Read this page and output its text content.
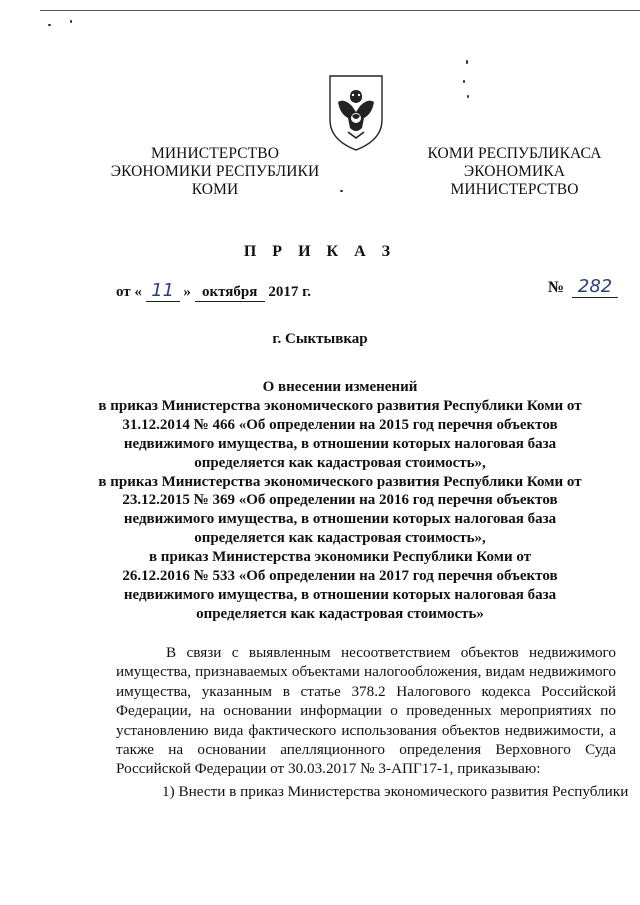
МИНИСТЕРСТВО
ЭКОНОМИКИ РЕСПУБЛИКИ
КОМИ
КОМИ РЕСПУБЛИКАСА
ЭКОНОМИКА
МИНИСТЕРСТВО
П Р И К А З
от « 11 » октября 2017 г.	№ 282
г. Сыктывкар
О внесении изменений
в приказ Министерства экономического развития Республики Коми от
31.12.2014 № 466 «Об определении на 2015 год перечня объектов
недвижимого имущества, в отношении которых налоговая база
определяется как кадастровая стоимость»,
в приказ Министерства экономического развития Республики Коми от
23.12.2015 № 369 «Об определении на 2016 год перечня объектов
недвижимого имущества, в отношении которых налоговая база
определяется как кадастровая стоимость»,
в приказ Министерства экономики Республики Коми от
26.12.2016 № 533 «Об определении на 2017 год перечня объектов
недвижимого имущества, в отношении которых налоговая база
определяется как кадастровая стоимость»
В связи с выявленным несоответствием объектов недвижимого
имущества, признаваемых объектами налогообложения, видам недвижимого
имущества, указанным в статье 378.2 Налогового кодекса Российской
Федерации, на основании информации о проведенных мероприятиях по
установлению вида фактического использования объектов недвижимости, а
также на основании апелляционного определения Верховного Суда
Российской Федерации от 30.03.2017 № 3-АПГ17-1, приказываю:
1) Внести в приказ Министерства экономического развития Республики
